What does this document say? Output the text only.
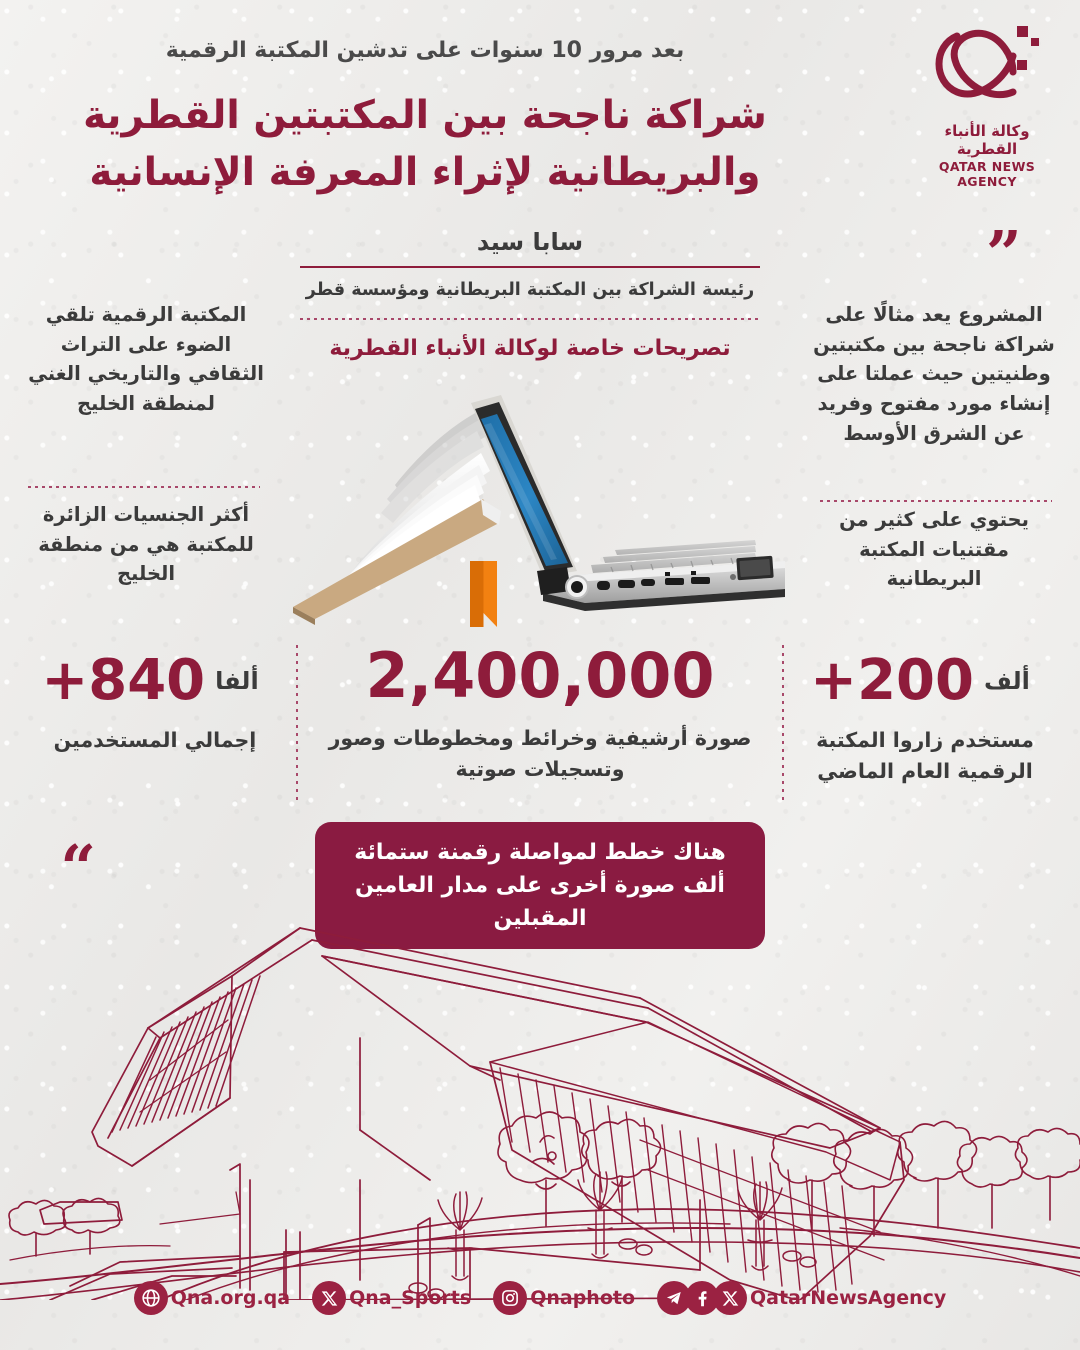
بعد مرور 10 سنوات على تدشين المكتبة الرقمية
شراكة ناجحة بين المكتبتين القطرية
والبريطانية لإثراء المعرفة الإنسانية
وكالة الأنباء القطرية
QATAR NEWS AGENCY
سابا سيد
رئيسة الشراكة بين المكتبة البريطانية ومؤسسة قطر
تصريحات خاصة لوكالة الأنباء القطرية
المكتبة الرقمية تلقي الضوء على التراث الثقافي والتاريخي الغني لمنطقة الخليج
أكثر الجنسيات الزائرة للمكتبة هي من منطقة الخليج
”
المشروع يعد مثالًا على شراكة ناجحة بين مكتبتين وطنيتين حيث عملتا على إنشاء مورد مفتوح وفريد عن الشرق الأوسط
يحتوي على كثير من مقتنيات المكتبة البريطانية
ألفا840+
إجمالي المستخدمين
2,400,000
صورة أرشيفية وخرائط ومخطوطات وصور وتسجيلات صوتية
ألف200+
مستخدم زاروا المكتبة الرقمية العام الماضي
هناك خطط لمواصلة رقمنة ستمائة ألف صورة أخرى على مدار العامين المقبلين
“
QatarNewsAgency
Qnaphoto
Qna_Sports
Qna.org.qa
